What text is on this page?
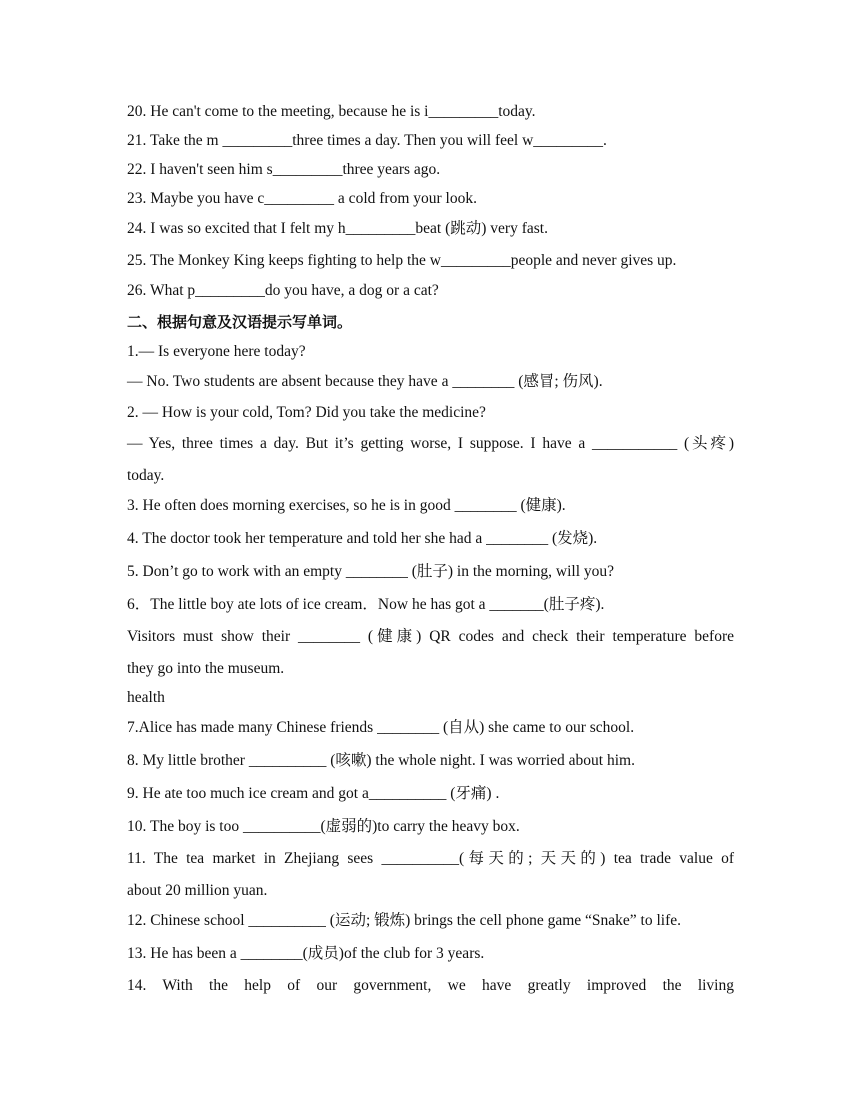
20. He can't come to the meeting, because he is i_________today.
21. Take the m _________three times a day. Then you will feel w_________.
22. I haven't seen him s_________three years ago.
23. Maybe you have c_________ a cold from your look.
24. I was so excited that I felt my h_________beat (跳动) very fast.
25. The Monkey King keeps fighting to help the w_________people and never gives up.
26. What p_________do you have, a dog or a cat?
二、根据句意及汉语提示写单词。
1.— Is everyone here today?
— No. Two students are absent because they have a ________ (感冒; 伤风).
2. — How is your cold, Tom? Did you take the medicine?
— Yes, three times a day. But it’s getting worse, I suppose. I have a ___________ (头疼)
today.
3. He often does morning exercises, so he is in good ________ (健康).
4. The doctor took her temperature and told her she had a ________ (发烧).
5. Don’t go to work with an empty ________ (肚子) in the morning, will you?
6．The little boy ate lots of ice cream．Now he has got a _______(肚子疼).
Visitors must show their ________ (健康) QR codes and check their temperature before
they go into the museum.
health
7.Alice has made many Chinese friends ________ (自从) she came to our school.
8. My little brother __________ (咳嗽) the whole night. I was worried about him.
9. He ate too much ice cream and got a__________ (牙痛) .
10. The boy is too __________(虚弱的)to carry the heavy box.
11. The tea market in Zhejiang sees __________(每天的; 天天的) tea trade value of
about 20 million yuan.
12. Chinese school __________ (运动; 锻炼) brings the cell phone game “Snake” to life.
13. He has been a ________(成员)of the club for 3 years.
14. With the help of our government, we have greatly improved the living
